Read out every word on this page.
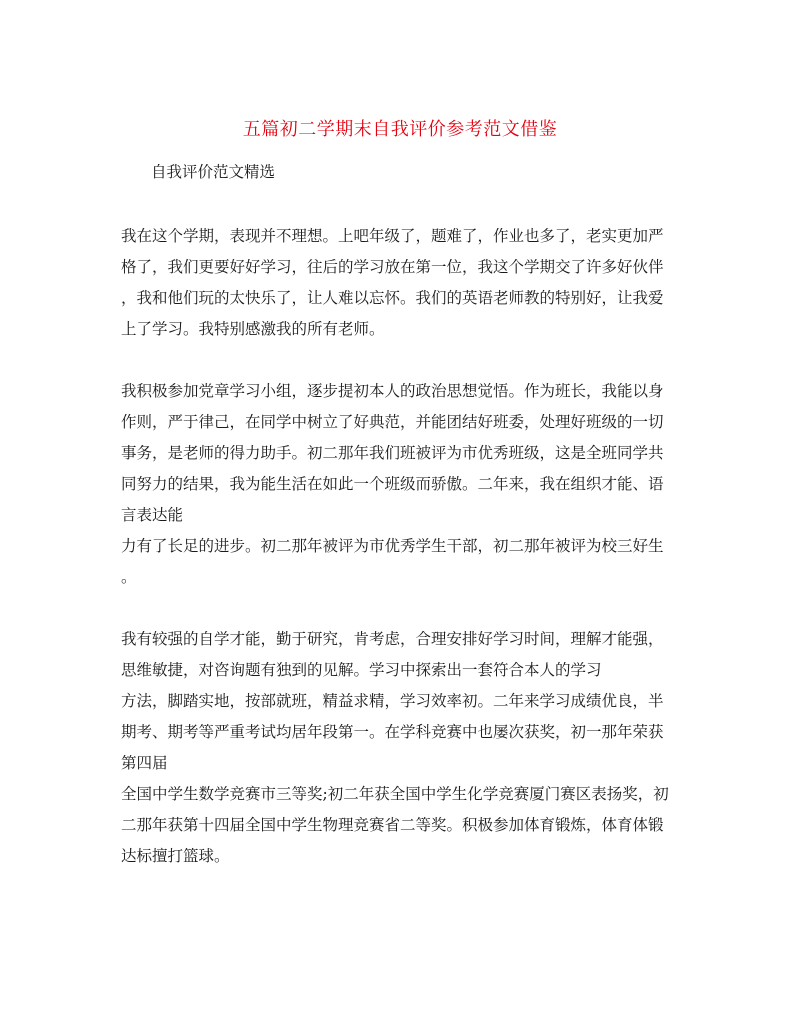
五篇初二学期末自我评价参考范文借鉴
自我评价范文精选
我在这个学期，表现并不理想。上吧年级了，题难了，作业也多了，老实更加严
格了，我们更要好好学习，往后的学习放在第一位，我这个学期交了许多好伙伴
，我和他们玩的太快乐了，让人难以忘怀。我们的英语老师教的特别好，让我爱
上了学习。我特别感激我的所有老师。
我积极参加党章学习小组，逐步提初本人的政治思想觉悟。作为班长，我能以身
作则，严于律己，在同学中树立了好典范，并能团结好班委，处理好班级的一切
事务，是老师的得力助手。初二那年我们班被评为市优秀班级，这是全班同学共
同努力的结果，我为能生活在如此一个班级而骄傲。二年来，我在组织才能、语
言表达能
力有了长足的进步。初二那年被评为市优秀学生干部，初二那年被评为校三好生
。
我有较强的自学才能，勤于研究，肯考虑，合理安排好学习时间，理解才能强，
思维敏捷，对咨询题有独到的见解。学习中探索出一套符合本人的学习
方法，脚踏实地，按部就班，精益求精，学习效率初。二年来学习成绩优良，半
期考、期考等严重考试均居年段第一。在学科竞赛中也屡次获奖，初一那年荣获
第四届
全国中学生数学竞赛市三等奖;初二年获全国中学生化学竞赛厦门赛区表扬奖，初
二那年获第十四届全国中学生物理竞赛省二等奖。积极参加体育锻炼，体育体锻
达标擅打篮球。
